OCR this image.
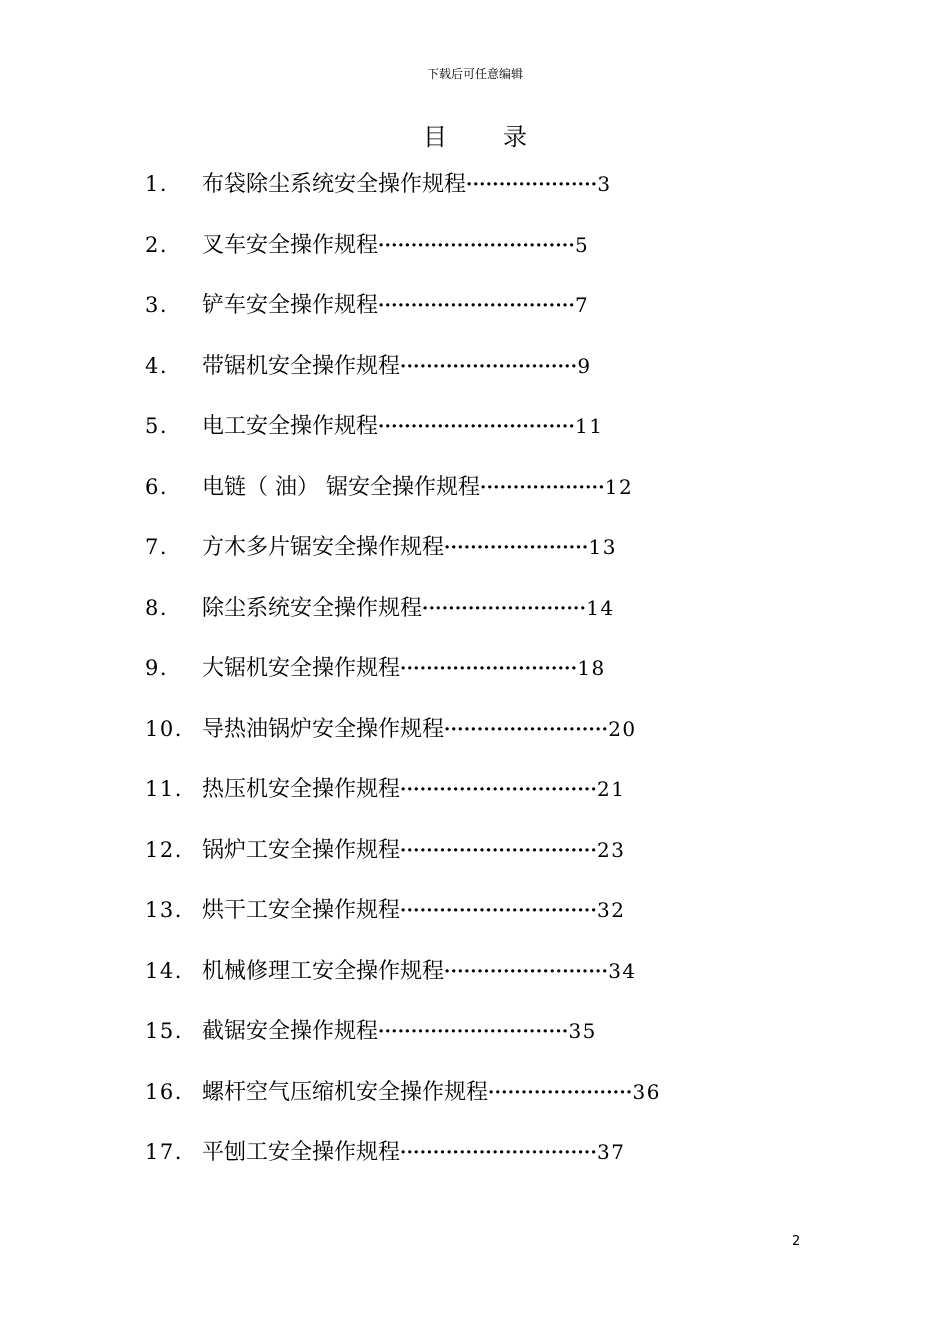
下载后可任意编辑
目 录
1. 布袋除尘系统安全操作规程····················3
2. 叉车安全操作规程······························5
3. 铲车安全操作规程······························7
4. 带锯机安全操作规程···························9
5. 电工安全操作规程······························11
6. 电链（ 油） 锯安全操作规程···················12
7. 方木多片锯安全操作规程······················13
8. 除尘系统安全操作规程·························14
9. 大锯机安全操作规程···························18
10. 导热油锅炉安全操作规程·························20
11. 热压机安全操作规程······························21
12. 锅炉工安全操作规程······························23
13. 烘干工安全操作规程······························32
14. 机械修理工安全操作规程·························34
15. 截锯安全操作规程·····························35
16. 螺杆空气压缩机安全操作规程······················36
17. 平刨工安全操作规程······························37
2
